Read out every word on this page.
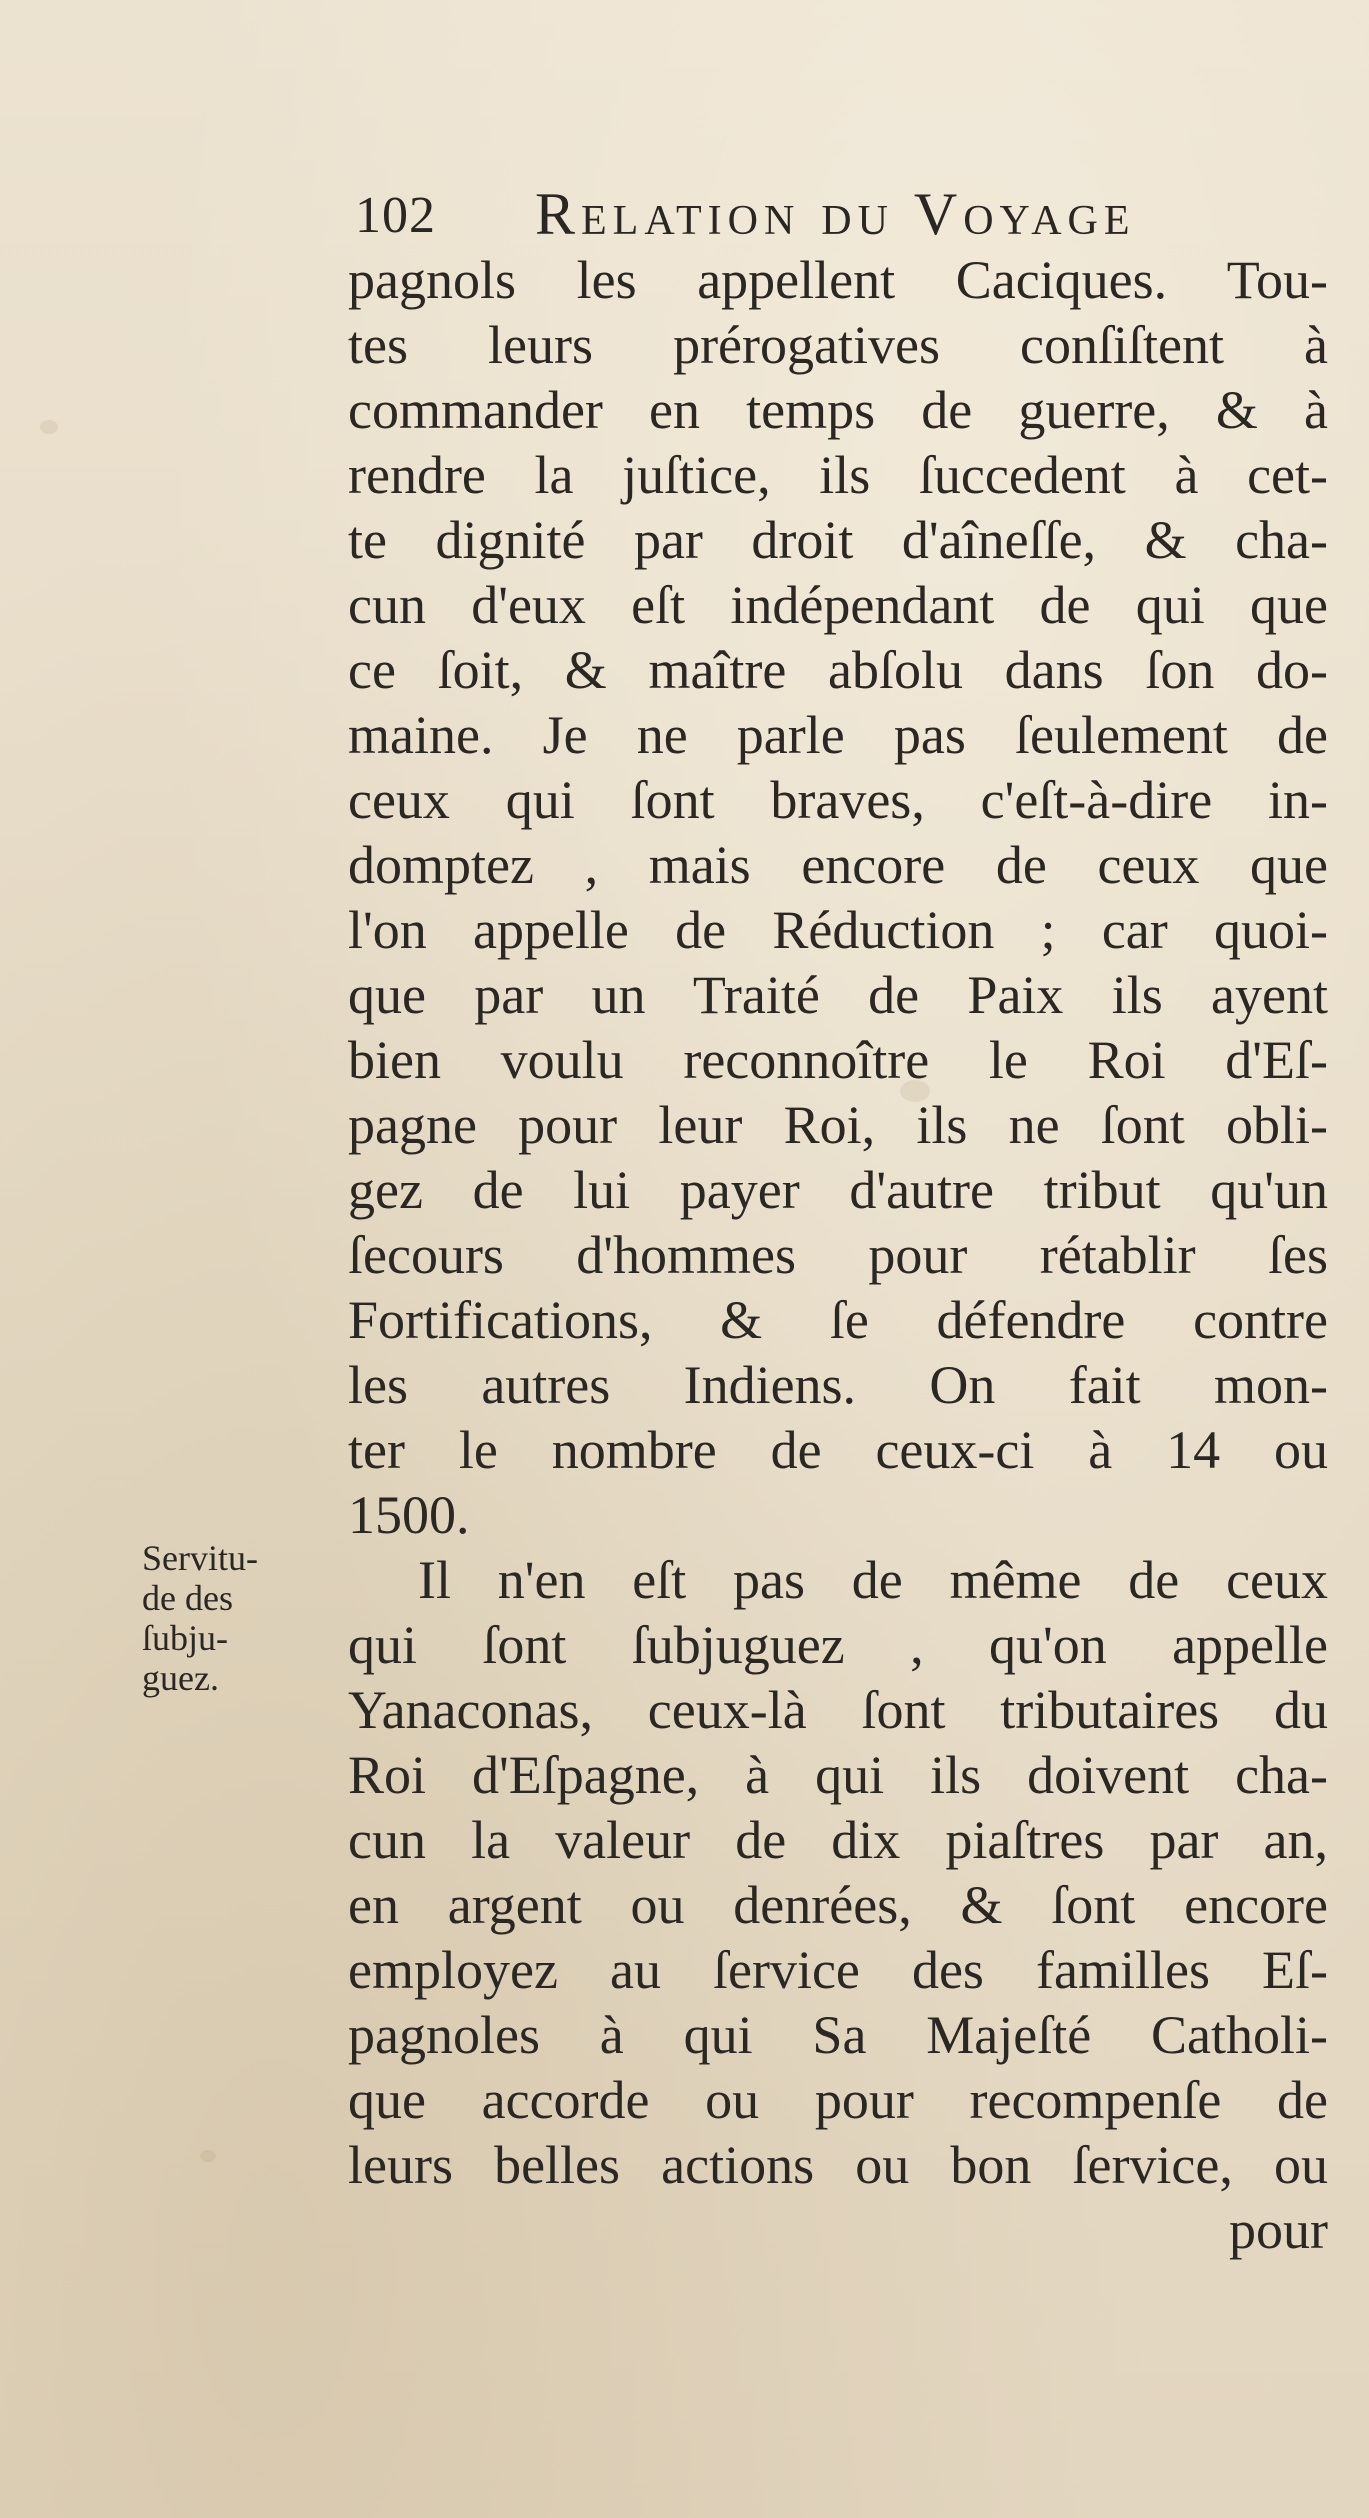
102 Relation du Voyage
Servitu-
de des
ſubju-
guez.
pagnols les appellent Caciques. Tou-
tes leurs prérogatives conſiſtent à
commander en temps de guerre, & à
rendre la juſtice, ils ſuccedent à cet-
te dignité par droit d'aîneſſe, & cha-
cun d'eux eſt indépendant de qui que
ce ſoit, & maître abſolu dans ſon do-
maine. Je ne parle pas ſeulement de
ceux qui ſont braves, c'eſt-à-dire in-
domptez , mais encore de ceux que
l'on appelle de Réduction ; car quoi-
que par un Traité de Paix ils ayent
bien voulu reconnoître le Roi d'Eſ-
pagne pour leur Roi, ils ne ſont obli-
gez de lui payer d'autre tribut qu'un
ſecours d'hommes pour rétablir ſes
Fortifications, & ſe défendre contre
les autres Indiens. On fait mon-
ter le nombre de ceux-ci à 14 ou
1500.
Il n'en eſt pas de même de ceux
qui ſont ſubjuguez , qu'on appelle
Yanaconas, ceux-là ſont tributaires du
Roi d'Eſpagne, à qui ils doivent cha-
cun la valeur de dix piaſtres par an,
en argent ou denrées, & ſont encore
employez au ſervice des familles Eſ-
pagnoles à qui Sa Majeſté Catholi-
que accorde ou pour recompenſe de
leurs belles actions ou bon ſervice, ou
pour
